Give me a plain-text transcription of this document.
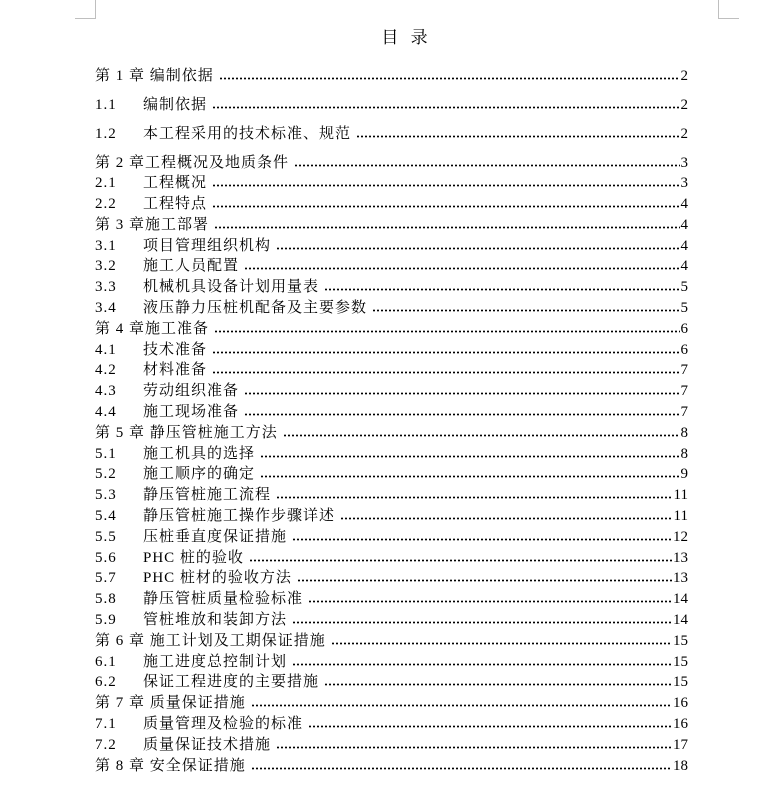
目 录
第 1 章 编制依据	2
1.1	编制依据	2
1.2	本工程采用的技术标准、规范	2
第 2 章工程概况及地质条件	3
2.1	工程概况	3
2.2	工程特点	4
第 3 章施工部署	4
3.1	项目管理组织机构	4
3.2	施工人员配置	4
3.3	机械机具设备计划用量表	5
3.4	液压静力压桩机配备及主要参数	5
第 4 章施工准备	6
4.1	技术准备	6
4.2	材料准备	7
4.3	劳动组织准备	7
4.4	施工现场准备	7
第 5 章 静压管桩施工方法	8
5.1	施工机具的选择	8
5.2	施工顺序的确定	9
5.3	静压管桩施工流程	11
5.4	静压管桩施工操作步骤详述	11
5.5	压桩垂直度保证措施	12
5.6	PHC 桩的验收	13
5.7	PHC 桩材的验收方法	13
5.8	静压管桩质量检验标准	14
5.9	管桩堆放和装卸方法	14
第 6 章 施工计划及工期保证措施	15
6.1	施工进度总控制计划	15
6.2	保证工程进度的主要措施	15
第 7 章 质量保证措施	16
7.1	质量管理及检验的标准	16
7.2	质量保证技术措施	17
第 8 章 安全保证措施	18
